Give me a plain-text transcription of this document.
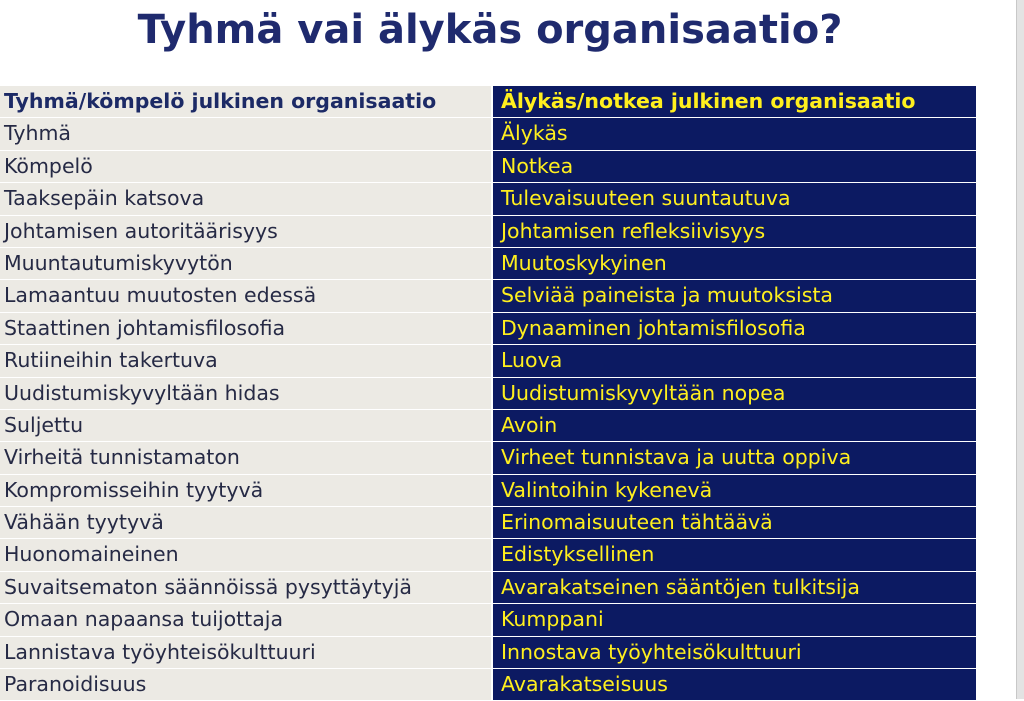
Tyhmä vai älykäs organisaatio?
Tyhmä/kömpelö julkinen organisaatio	Älykäs/notkea julkinen organisaatio
Tyhmä	Älykäs
Kömpelö	Notkea
Taaksepäin katsova	Tulevaisuuteen suuntautuva
Johtamisen autoritäärisyys	Johtamisen refleksiivisyys
Muuntautumiskyvytön	Muutoskykyinen
Lamaantuu muutosten edessä	Selviää paineista ja muutoksista
Staattinen johtamisfilosofia	Dynaaminen johtamisfilosofia
Rutiineihin takertuva	Luova
Uudistumiskyvyltään hidas	Uudistumiskyvyltään nopea
Suljettu	Avoin
Virheitä tunnistamaton	Virheet tunnistava ja uutta oppiva
Kompromisseihin tyytyvä	Valintoihin kykenevä
Vähään tyytyvä	Erinomaisuuteen tähtäävä
Huonomaineinen	Edistyksellinen
Suvaitsematon säännöissä pysyttäytyjä	Avarakatseinen sääntöjen tulkitsija
Omaan napaansa tuijottaja	Kumppani
Lannistava työyhteisökulttuuri	Innostava työyhteisökulttuuri
Paranoidisuus	Avarakatseisuus
